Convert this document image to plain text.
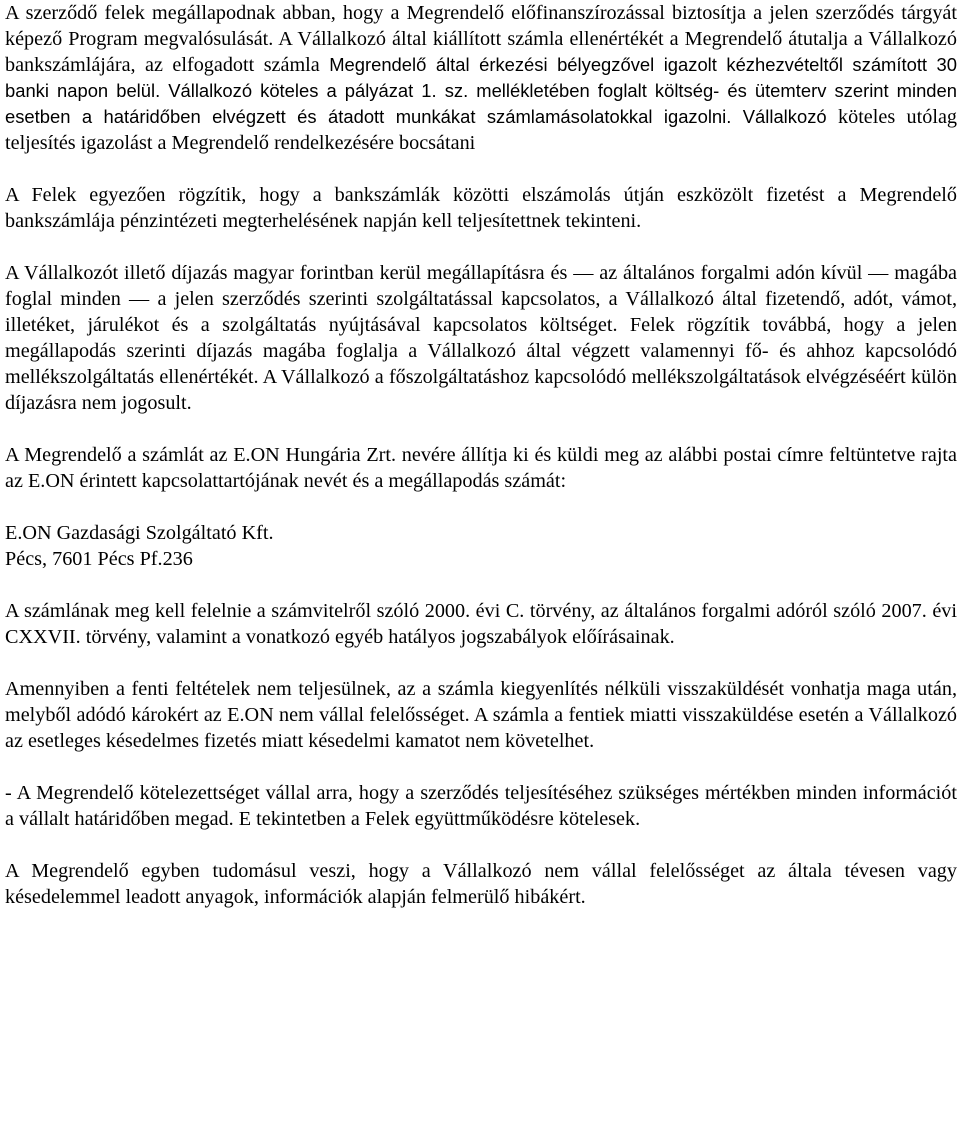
A szerződő felek megállapodnak abban, hogy a Megrendelő előfinanszírozással biztosítja a jelen szerződés tárgyát képező Program megvalósulását. A Vállalkozó által kiállított számla ellenértékét a Megrendelő átutalja a Vállalkozó bankszámlájára, az elfogadott számla Megrendelő által érkezési bélyegzővel igazolt kézhezvételtől számított 30 banki napon belül. Vállalkozó köteles a pályázat 1. sz. mellékletében foglalt költség- és ütemterv szerint minden esetben a határidőben elvégzett és átadott munkákat számlamásolatokkal igazolni. Vállalkozó köteles utólag teljesítés igazolást a Megrendelő rendelkezésére bocsátani

A Felek egyezően rögzítik, hogy a bankszámlák közötti elszámolás útján eszközölt fizetést a Megrendelő bankszámlája pénzintézeti megterhelésének napján kell teljesítettnek tekinteni.

A Vállalkozót illető díjazás magyar forintban kerül megállapításra és — az általános forgalmi adón kívül — magába foglal minden — a jelen szerződés szerinti szolgáltatással kapcsolatos, a Vállalkozó által fizetendő, adót, vámot, illetéket, járulékot és a szolgáltatás nyújtásával kapcsolatos költséget. Felek rögzítik továbbá, hogy a jelen megállapodás szerinti díjazás magába foglalja a Vállalkozó által végzett valamennyi fő- és ahhoz kapcsolódó mellékszolgáltatás ellenértékét. A Vállalkozó a főszolgáltatáshoz kapcsolódó mellékszolgáltatások elvégzéséért külön díjazásra nem jogosult.

A Megrendelő a számlát az E.ON Hungária Zrt. nevére állítja ki és küldi meg az alábbi postai címre feltüntetve rajta az E.ON érintett kapcsolattartójának nevét és a megállapodás számát:

E.ON Gazdasági Szolgáltató Kft.

Pécs, 7601 Pécs Pf.236

A számlának meg kell felelnie a számvitelről szóló 2000. évi C. törvény, az általános forgalmi adóról szóló 2007. évi CXXVII. törvény, valamint a vonatkozó egyéb hatályos jogszabályok előírásainak.

Amennyiben a fenti feltételek nem teljesülnek, az a számla kiegyenlítés nélküli visszaküldését vonhatja maga után, melyből adódó károkért az E.ON nem vállal felelősséget. A számla a fentiek miatti visszaküldése esetén a Vállalkozó az esetleges késedelmes fizetés miatt késedelmi kamatot nem követelhet.

- A Megrendelő kötelezettséget vállal arra, hogy a szerződés teljesítéséhez szükséges mértékben minden információt a vállalt határidőben megad. E tekintetben a Felek együttműködésre kötelesek.

A Megrendelő egyben tudomásul veszi, hogy a Vállalkozó nem vállal felelősséget az általa tévesen vagy késedelemmel leadott anyagok, információk alapján felmerülő hibákért.
